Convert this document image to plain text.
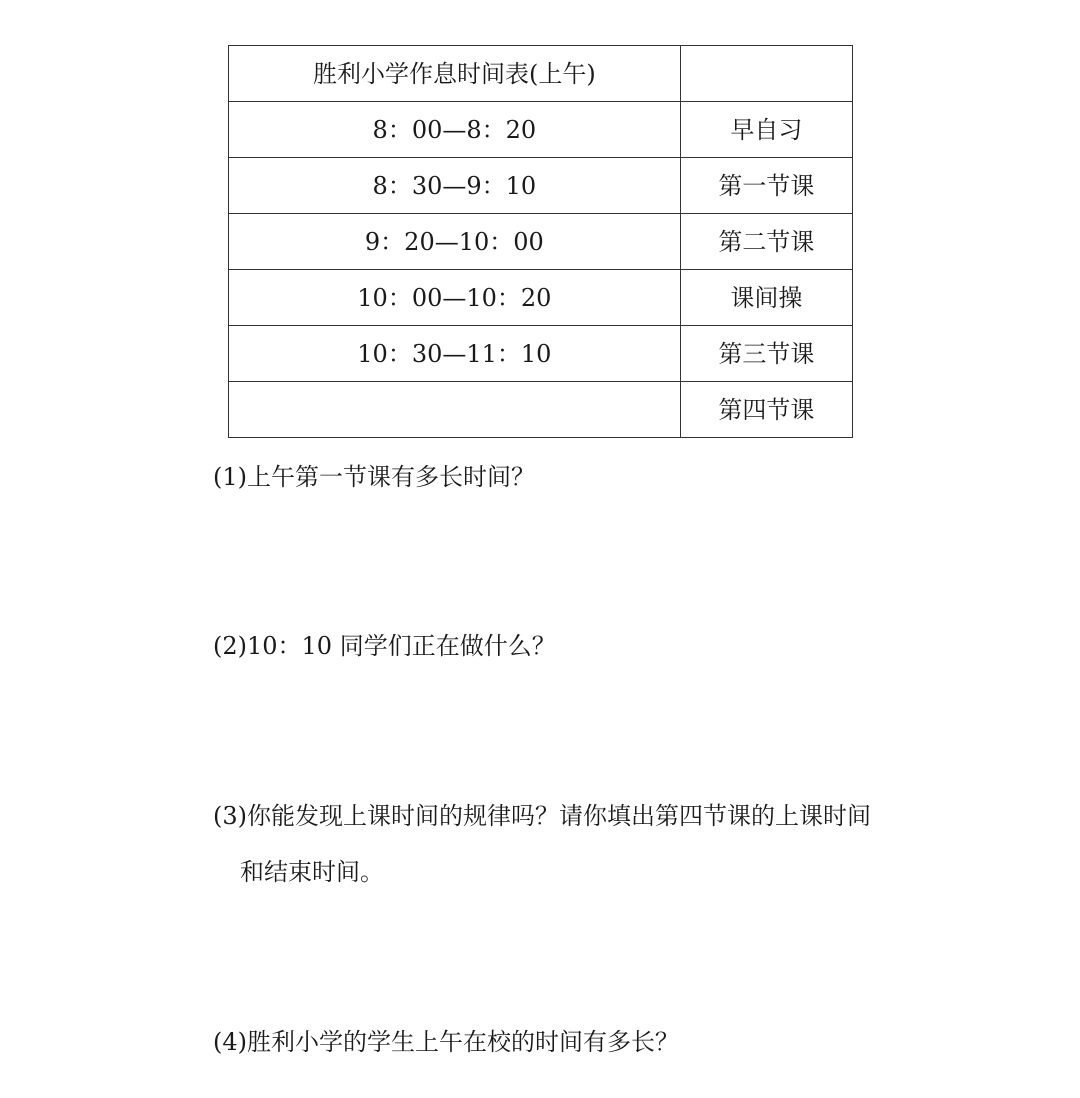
胜利小学作息时间表(上午)	
8：00—8：20	早自习
8：30—9：10	第一节课
9：20—10：00	第二节课
10：00—10：20	课间操
10：30—11：10	第三节课
	第四节课

(1)上午第一节课有多长时间？

(2)10：10 同学们正在做什么？

(3)你能发现上课时间的规律吗？请你填出第四节课的上课时间

和结束时间。

(4)胜利小学的学生上午在校的时间有多长？
